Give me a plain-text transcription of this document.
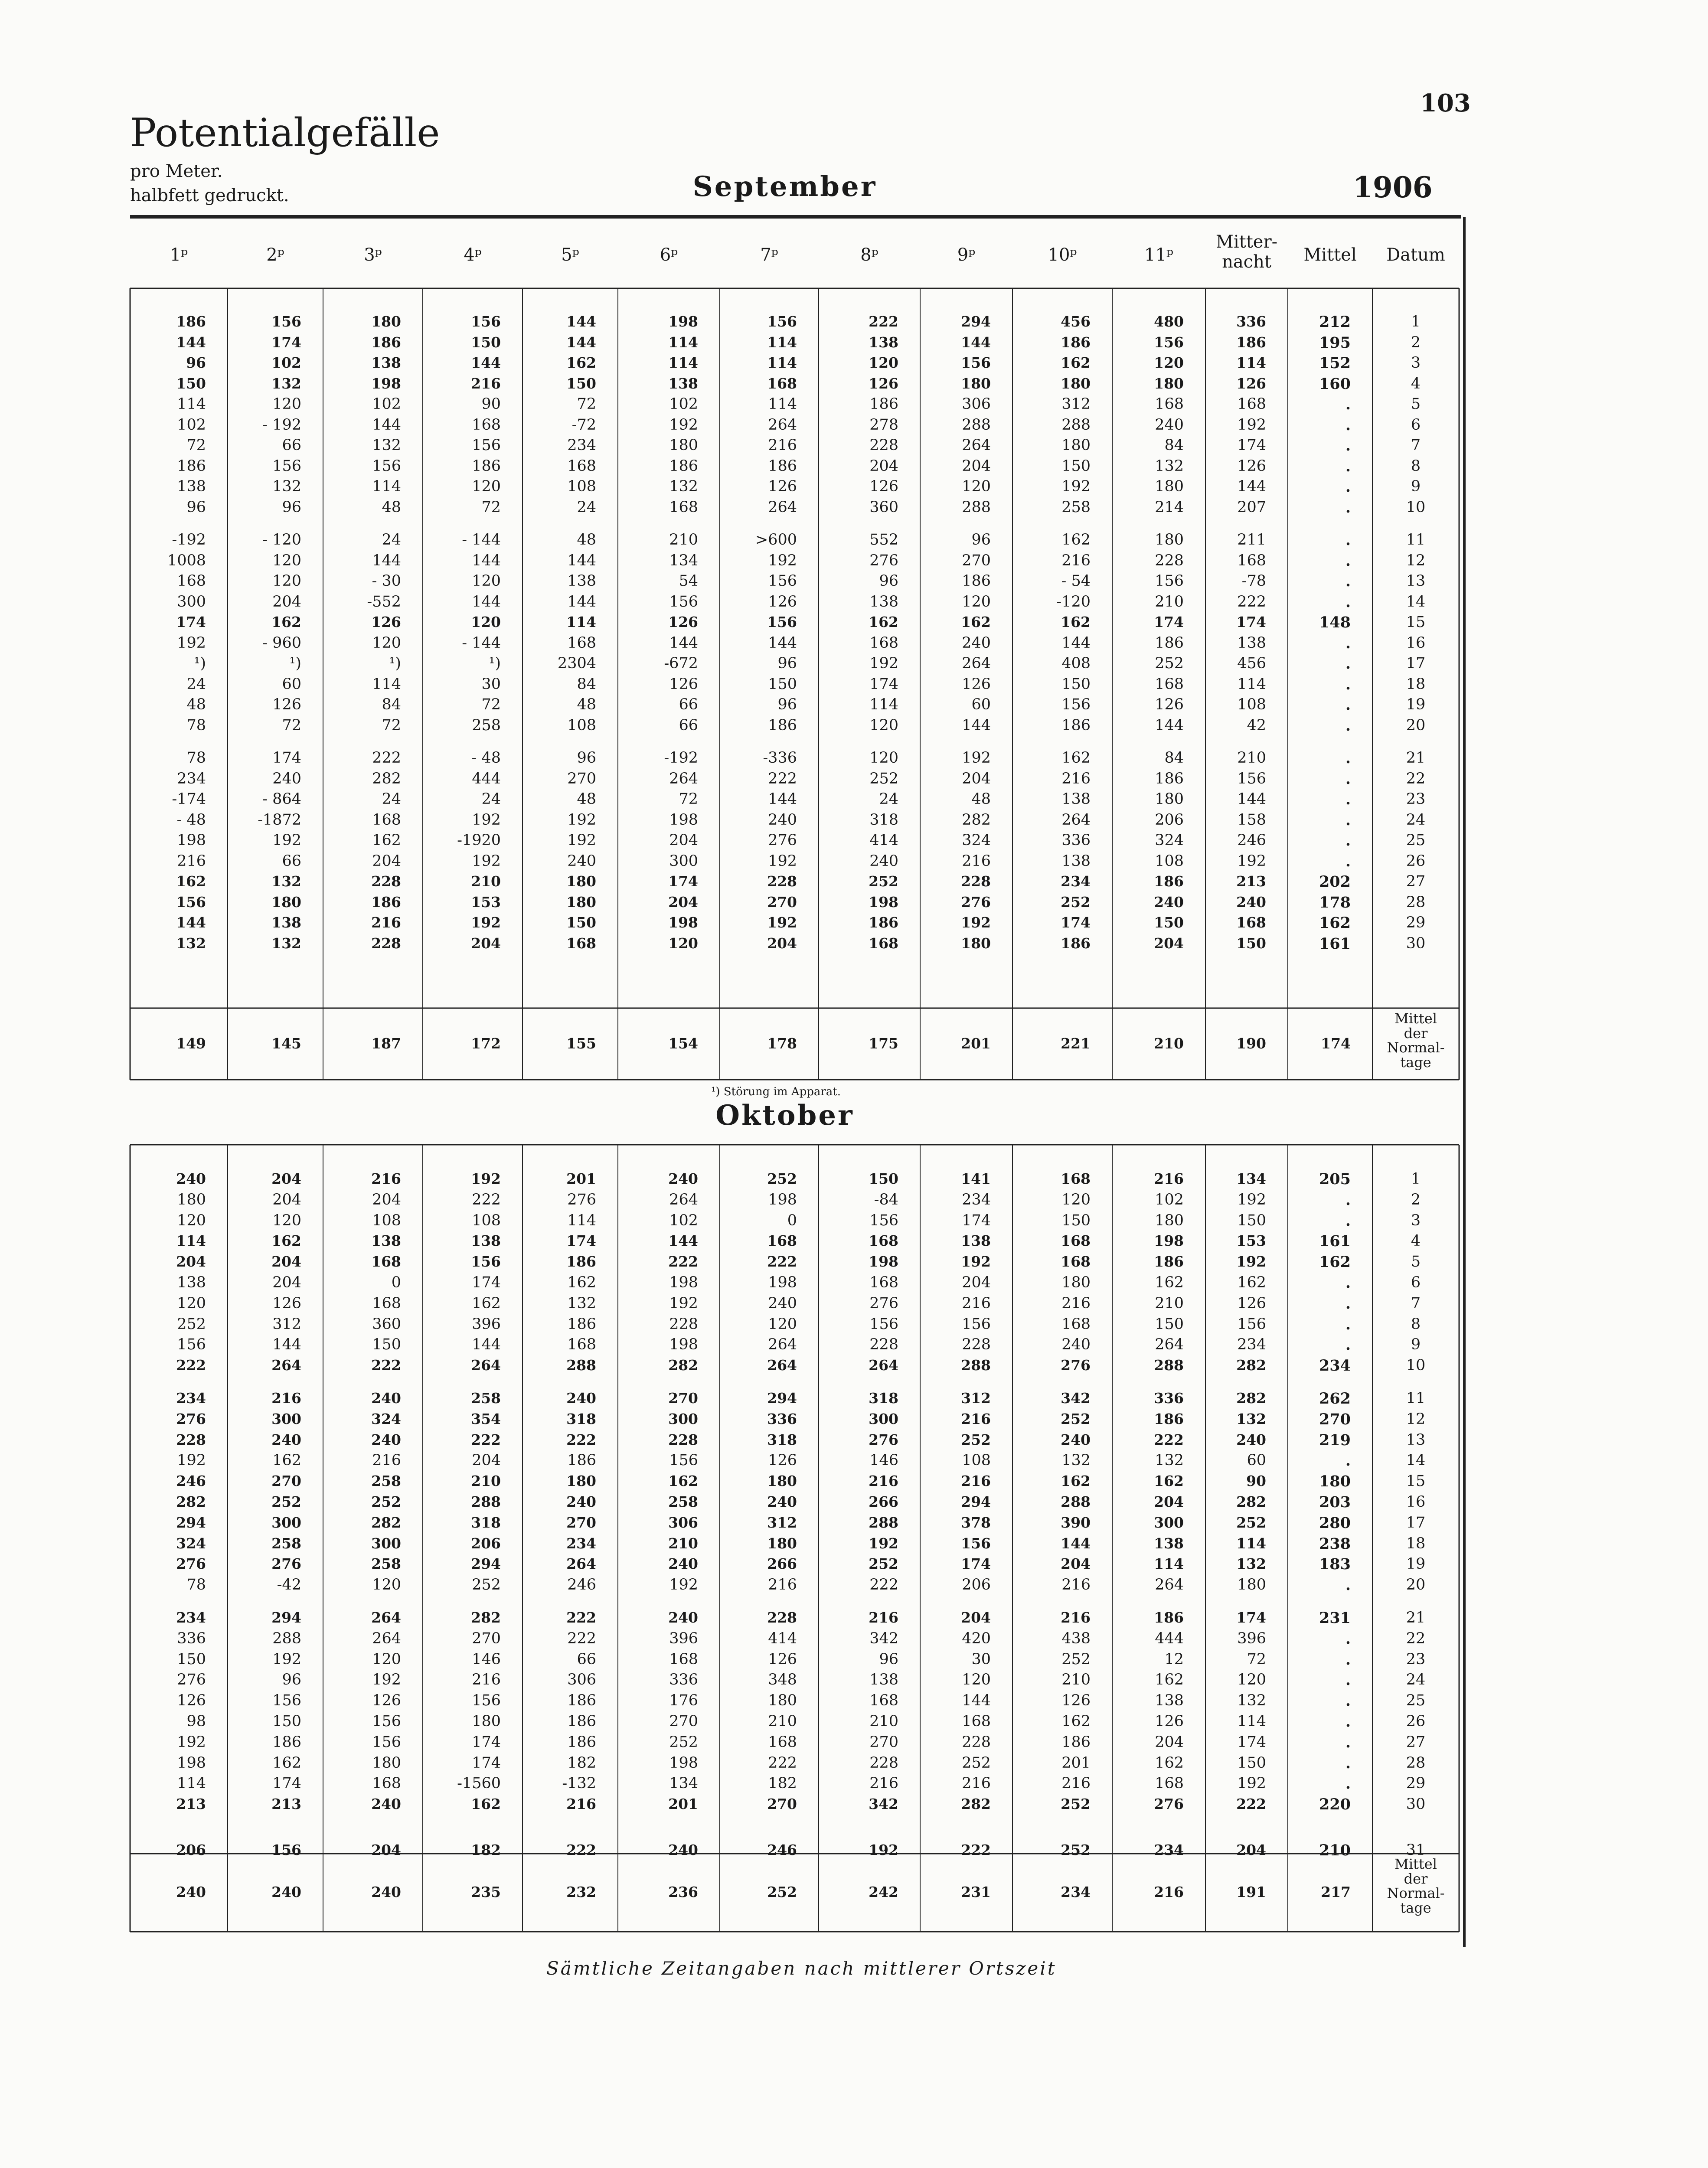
Potentialgefälle
pro Meter.
halbfett gedruckt.
103
1906
September
¹) Störung im Apparat.
Oktober
Sämtliche Zeitangaben nach mittlerer Ortszeit
1ᵖ	2ᵖ	3ᵖ	4ᵖ	5ᵖ	6ᵖ	7ᵖ	8ᵖ	9ᵖ	10ᵖ	11ᵖ
Mitter-
nacht	Mittel	Datum
186	156	180	156	144	198	156	222	294	456	480	336	212	1
144	174	186	150	144	114	114	138	144	186	156	186	195	2
96	102	138	144	162	114	114	120	156	162	120	114	152	3
150	132	198	216	150	138	168	126	180	180	180	126	160	4
114	120	102	90	72	102	114	186	306	312	168	168	.	5
102	- 192	144	168	-72	192	264	278	288	288	240	192	.	6
72	66	132	156	234	180	216	228	264	180	84	174	.	7
186	156	156	186	168	186	186	204	204	150	132	126	.	8
138	132	114	120	108	132	126	126	120	192	180	144	.	9
96	96	48	72	24	168	264	360	288	258	214	207	.	10
-192	- 120	24	- 144	48	210	>600	552	96	162	180	211	.	11
1008	120	144	144	144	134	192	276	270	216	228	168	.	12
168	120	- 30	120	138	54	156	96	186	- 54	156	-78	.	13
300	204	-552	144	144	156	126	138	120	-120	210	222	.	14
174	162	126	120	114	126	156	162	162	162	174	174	148	15
192	- 960	120	- 144	168	144	144	168	240	144	186	138	.	16
¹)	¹)	¹)	¹)	2304	-672	96	192	264	408	252	456	.	17
24	60	114	30	84	126	150	174	126	150	168	114	.	18
48	126	84	72	48	66	96	114	60	156	126	108	.	19
78	72	72	258	108	66	186	120	144	186	144	42	.	20
78	174	222	- 48	96	-192	-336	120	192	162	84	210	.	21
234	240	282	444	270	264	222	252	204	216	186	156	.	22
-174	- 864	24	24	48	72	144	24	48	138	180	144	.	23
- 48	-1872	168	192	192	198	240	318	282	264	206	158	.	24
198	192	162	-1920	192	204	276	414	324	336	324	246	.	25
216	66	204	192	240	300	192	240	216	138	108	192	.	26
162	132	228	210	180	174	228	252	228	234	186	213	202	27
156	180	186	153	180	204	270	198	276	252	240	240	178	28
144	138	216	192	150	198	192	186	192	174	150	168	162	29
132	132	228	204	168	120	204	168	180	186	204	150	161	30
149	145	187	172	155	154	178	175	201	221	210	190	174
Mittel
der
Normal-
tage
240	204	216	192	201	240	252	150	141	168	216	134	205	1
180	204	204	222	276	264	198	-84	234	120	102	192	.	2
120	120	108	108	114	102	0	156	174	150	180	150	.	3
114	162	138	138	174	144	168	168	138	168	198	153	161	4
204	204	168	156	186	222	222	198	192	168	186	192	162	5
138	204	0	174	162	198	198	168	204	180	162	162	.	6
120	126	168	162	132	192	240	276	216	216	210	126	.	7
252	312	360	396	186	228	120	156	156	168	150	156	.	8
156	144	150	144	168	198	264	228	228	240	264	234	.	9
222	264	222	264	288	282	264	264	288	276	288	282	234	10
234	216	240	258	240	270	294	318	312	342	336	282	262	11
276	300	324	354	318	300	336	300	216	252	186	132	270	12
228	240	240	222	222	228	318	276	252	240	222	240	219	13
192	162	216	204	186	156	126	146	108	132	132	60	.	14
246	270	258	210	180	162	180	216	216	162	162	90	180	15
282	252	252	288	240	258	240	266	294	288	204	282	203	16
294	300	282	318	270	306	312	288	378	390	300	252	280	17
324	258	300	206	234	210	180	192	156	144	138	114	238	18
276	276	258	294	264	240	266	252	174	204	114	132	183	19
78	-42	120	252	246	192	216	222	206	216	264	180	.	20
234	294	264	282	222	240	228	216	204	216	186	174	231	21
336	288	264	270	222	396	414	342	420	438	444	396	.	22
150	192	120	146	66	168	126	96	30	252	12	72	.	23
276	96	192	216	306	336	348	138	120	210	162	120	.	24
126	156	126	156	186	176	180	168	144	126	138	132	.	25
98	150	156	180	186	270	210	210	168	162	126	114	.	26
192	186	156	174	186	252	168	270	228	186	204	174	.	27
198	162	180	174	182	198	222	228	252	201	162	150	.	28
114	174	168	-1560	-132	134	182	216	216	216	168	192	.	29
213	213	240	162	216	201	270	342	282	252	276	222	220	30
206	156	204	182	222	240	246	192	222	252	234	204	210	31
240	240	240	235	232	236	252	242	231	234	216	191	217
Mittel
der
Normal-
tage
